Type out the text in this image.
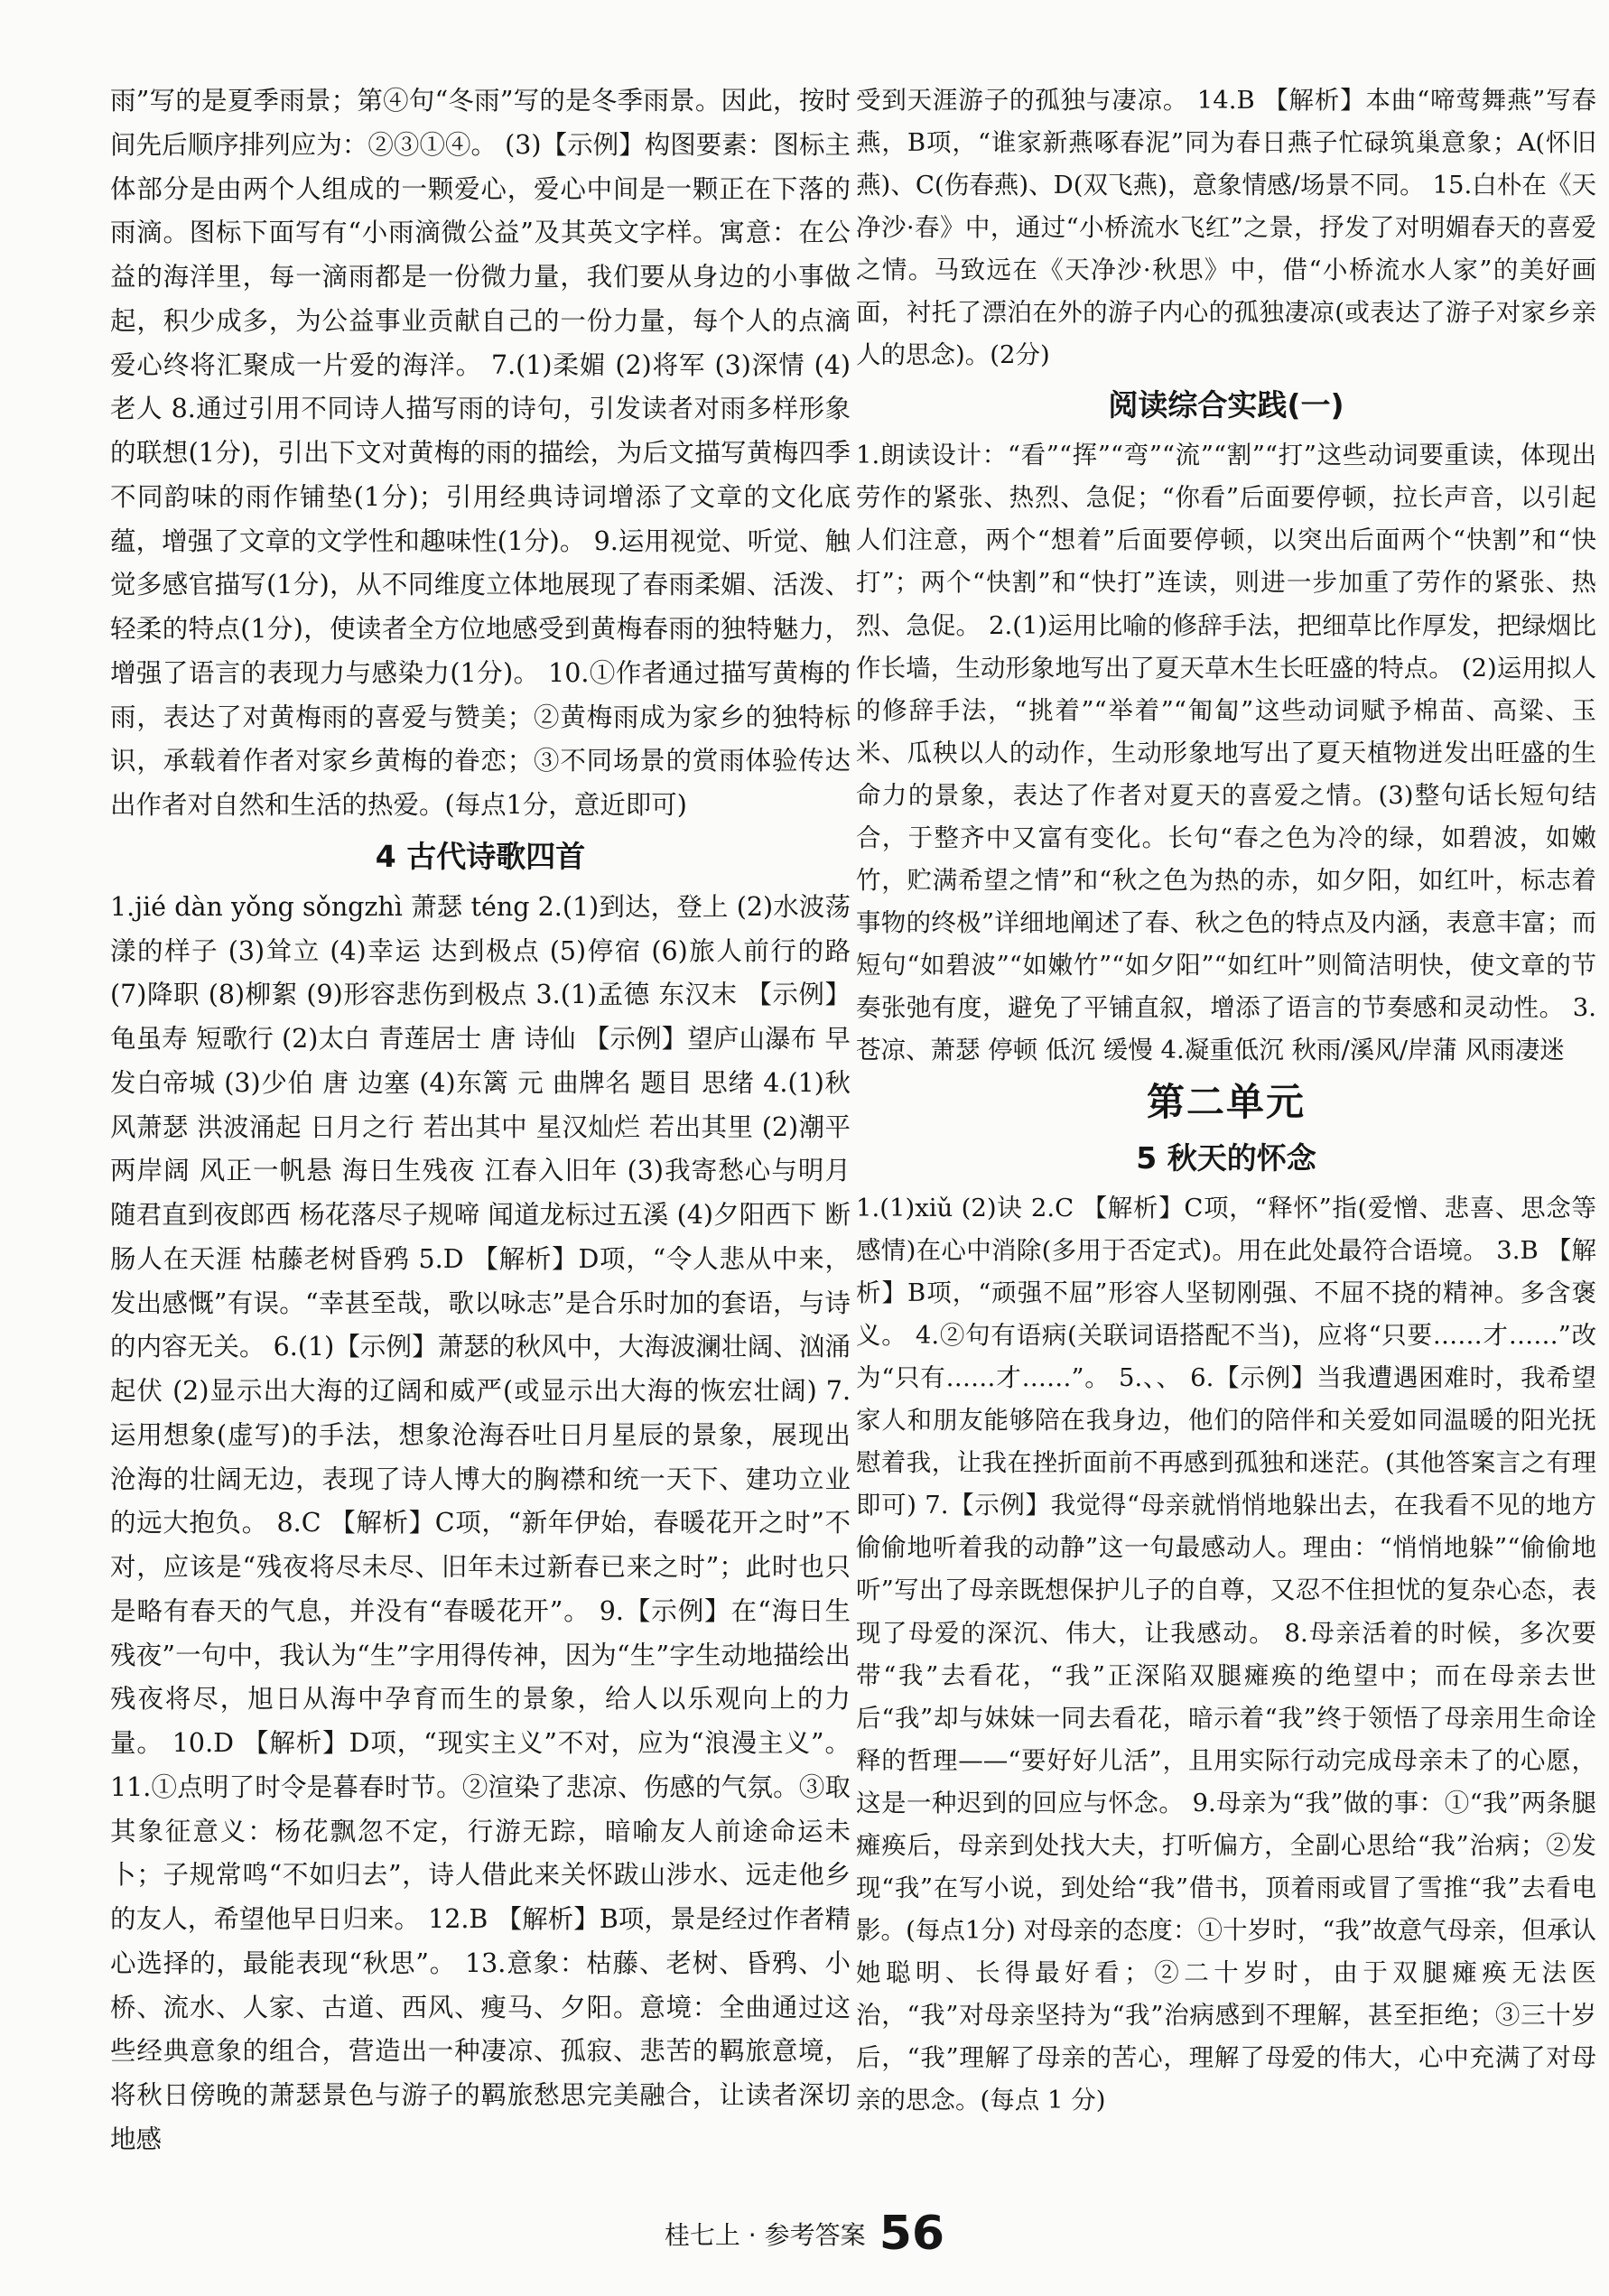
雨”写的是夏季雨景；第④句“冬雨”写的是冬季雨景。因此，按时间先后顺序排列应为：②③①④。 (3)【示例】构图要素：图标主体部分是由两个人组成的一颗爱心，爱心中间是一颗正在下落的雨滴。图标下面写有“小雨滴微公益”及其英文字样。寓意：在公益的海洋里，每一滴雨都是一份微力量，我们要从身边的小事做起，积少成多，为公益事业贡献自己的一份力量，每个人的点滴爱心终将汇聚成一片爱的海洋。 7.(1)柔媚 (2)将军 (3)深情 (4)老人 8.通过引用不同诗人描写雨的诗句，引发读者对雨多样形象的联想(1分)，引出下文对黄梅的雨的描绘，为后文描写黄梅四季不同韵味的雨作铺垫(1分)；引用经典诗词增添了文章的文化底蕴，增强了文章的文学性和趣味性(1分)。 9.运用视觉、听觉、触觉多感官描写(1分)，从不同维度立体地展现了春雨柔媚、活泼、轻柔的特点(1分)，使读者全方位地感受到黄梅春雨的独特魅力，增强了语言的表现力与感染力(1分)。 10.①作者通过描写黄梅的雨，表达了对黄梅雨的喜爱与赞美；②黄梅雨成为家乡的独特标识，承载着作者对家乡黄梅的眷恋；③不同场景的赏雨体验传达出作者对自然和生活的热爱。(每点1分，意近即可)

4 古代诗歌四首

1.jié dàn yǒng sǒngzhì 萧瑟 téng 2.(1)到达，登上 (2)水波荡漾的样子 (3)耸立 (4)幸运 达到极点 (5)停宿 (6)旅人前行的路 (7)降职 (8)柳絮 (9)形容悲伤到极点 3.(1)孟德 东汉末 【示例】龟虽寿 短歌行 (2)太白 青莲居士 唐 诗仙 【示例】望庐山瀑布 早发白帝城 (3)少伯 唐 边塞 (4)东篱 元 曲牌名 题目 思绪 4.(1)秋风萧瑟 洪波涌起 日月之行 若出其中 星汉灿烂 若出其里 (2)潮平两岸阔 风正一帆悬 海日生残夜 江春入旧年 (3)我寄愁心与明月 随君直到夜郎西 杨花落尽子规啼 闻道龙标过五溪 (4)夕阳西下 断肠人在天涯 枯藤老树昏鸦 5.D 【解析】D项，“令人悲从中来，发出感慨”有误。“幸甚至哉，歌以咏志”是合乐时加的套语，与诗的内容无关。 6.(1)【示例】萧瑟的秋风中，大海波澜壮阔、汹涌起伏 (2)显示出大海的辽阔和威严(或显示出大海的恢宏壮阔) 7.运用想象(虚写)的手法，想象沧海吞吐日月星辰的景象，展现出沧海的壮阔无边，表现了诗人博大的胸襟和统一天下、建功立业的远大抱负。 8.C 【解析】C项，“新年伊始，春暖花开之时”不对，应该是“残夜将尽未尽、旧年未过新春已来之时”；此时也只是略有春天的气息，并没有“春暖花开”。 9.【示例】在“海日生残夜”一句中，我认为“生”字用得传神，因为“生”字生动地描绘出残夜将尽，旭日从海中孕育而生的景象，给人以乐观向上的力量。 10.D 【解析】D项，“现实主义”不对，应为“浪漫主义”。 11.①点明了时令是暮春时节。②渲染了悲凉、伤感的气氛。③取其象征意义：杨花飘忽不定，行游无踪，暗喻友人前途命运未卜；子规常鸣“不如归去”，诗人借此来关怀跋山涉水、远走他乡的友人，希望他早日归来。 12.B 【解析】B项，景是经过作者精心选择的，最能表现“秋思”。 13.意象：枯藤、老树、昏鸦、小桥、流水、人家、古道、西风、瘦马、夕阳。意境：全曲通过这些经典意象的组合，营造出一种凄凉、孤寂、悲苦的羁旅意境，将秋日傍晚的萧瑟景色与游子的羁旅愁思完美融合，让读者深切地感

受到天涯游子的孤独与凄凉。 14.B 【解析】本曲“啼莺舞燕”写春燕，B项，“谁家新燕啄春泥”同为春日燕子忙碌筑巢意象；A(怀旧燕)、C(伤春燕)、D(双飞燕)，意象情感/场景不同。 15.白朴在《天净沙·春》中，通过“小桥流水飞红”之景，抒发了对明媚春天的喜爱之情。马致远在《天净沙·秋思》中，借“小桥流水人家”的美好画面，衬托了漂泊在外的游子内心的孤独凄凉(或表达了游子对家乡亲人的思念)。(2分)

阅读综合实践(一)

1.朗读设计：“看”“挥”“弯”“流”“割”“打”这些动词要重读，体现出劳作的紧张、热烈、急促；“你看”后面要停顿，拉长声音，以引起人们注意，两个“想着”后面要停顿，以突出后面两个“快割”和“快打”；两个“快割”和“快打”连读，则进一步加重了劳作的紧张、热烈、急促。 2.(1)运用比喻的修辞手法，把细草比作厚发，把绿烟比作长墙，生动形象地写出了夏天草木生长旺盛的特点。 (2)运用拟人的修辞手法，“挑着”“举着”“匍匐”这些动词赋予棉苗、高粱、玉米、瓜秧以人的动作，生动形象地写出了夏天植物迸发出旺盛的生命力的景象，表达了作者对夏天的喜爱之情。(3)整句话长短句结合，于整齐中又富有变化。长句“春之色为冷的绿，如碧波，如嫩竹，贮满希望之情”和“秋之色为热的赤，如夕阳，如红叶，标志着事物的终极”详细地阐述了春、秋之色的特点及内涵，表意丰富；而短句“如碧波”“如嫩竹”“如夕阳”“如红叶”则简洁明快，使文章的节奏张弛有度，避免了平铺直叙，增添了语言的节奏感和灵动性。 3.苍凉、萧瑟 停顿 低沉 缓慢 4.凝重低沉 秋雨/溪风/岸蒲 风雨凄迷

第二单元
5 秋天的怀念

1.(1)xiǔ (2)诀 2.C 【解析】C项，“释怀”指(爱憎、悲喜、思念等感情)在心中消除(多用于否定式)。用在此处最符合语境。 3.B 【解析】B项，“顽强不屈”形容人坚韧刚强、不屈不挠的精神。多含褒义。 4.②句有语病(关联词语搭配不当)，应将“只要……才……”改为“只有……才……”。 5.、、 6.【示例】当我遭遇困难时，我希望家人和朋友能够陪在我身边，他们的陪伴和关爱如同温暖的阳光抚慰着我，让我在挫折面前不再感到孤独和迷茫。(其他答案言之有理即可) 7.【示例】我觉得“母亲就悄悄地躲出去，在我看不见的地方偷偷地听着我的动静”这一句最感动人。理由：“悄悄地躲”“偷偷地听”写出了母亲既想保护儿子的自尊，又忍不住担忧的复杂心态，表现了母爱的深沉、伟大，让我感动。 8.母亲活着的时候，多次要带“我”去看花，“我”正深陷双腿瘫痪的绝望中；而在母亲去世后“我”却与妹妹一同去看花，暗示着“我”终于领悟了母亲用生命诠释的哲理——“要好好儿活”，且用实际行动完成母亲未了的心愿，这是一种迟到的回应与怀念。 9.母亲为“我”做的事：①“我”两条腿瘫痪后，母亲到处找大夫，打听偏方，全副心思给“我”治病；②发现“我”在写小说，到处给“我”借书，顶着雨或冒了雪推“我”去看电影。(每点1分) 对母亲的态度：①十岁时，“我”故意气母亲，但承认她聪明、长得最好看；②二十岁时，由于双腿瘫痪无法医治，“我”对母亲坚持为“我”治病感到不理解，甚至拒绝；③三十岁后，“我”理解了母亲的苦心，理解了母爱的伟大，心中充满了对母亲的思念。(每点 1 分)

桂七上 · 参考答案 56
